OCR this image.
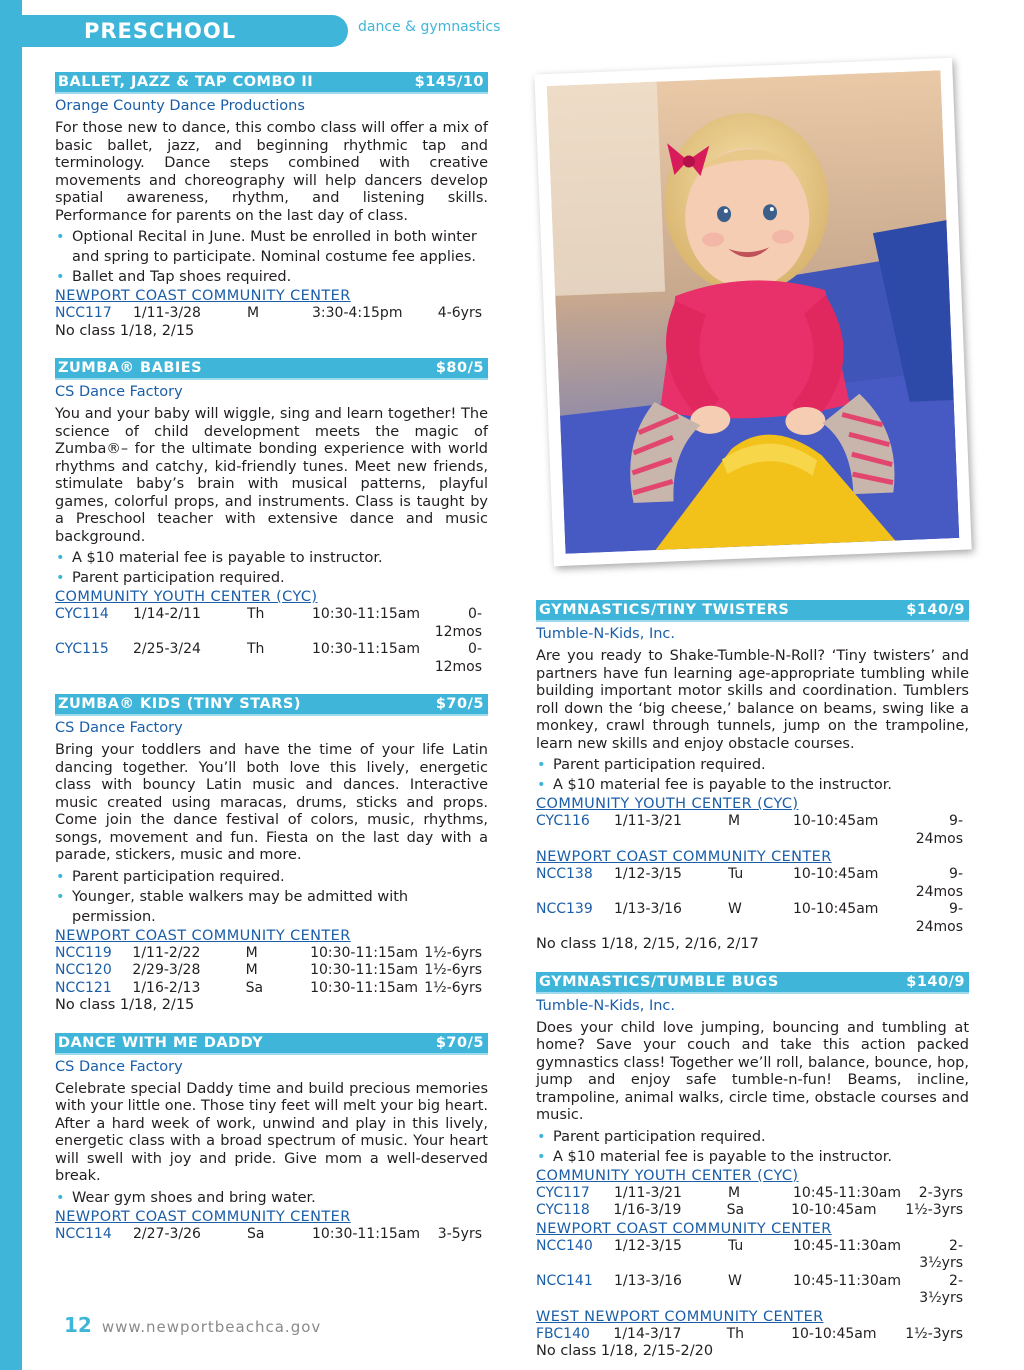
PRESCHOOL	dance & gymnastics
BALLET, JAZZ & TAP COMBO II	$145/10
Orange County Dance Productions
For those new to dance, this combo class will offer a mix of basic ballet, jazz, and beginning rhythmic tap and terminology. Dance steps combined with creative movements and choreography will help dancers develop spatial awareness, rhythm, and listening skills. Performance for parents on the last day of class.
• Optional Recital in June. Must be enrolled in both winter and spring to participate. Nominal costume fee applies.
• Ballet and Tap shoes required.
NEWPORT COAST COMMUNITY CENTER
NCC117	1/11-3/28	M	3:30-4:15pm	4-6yrs
No class 1/18, 2/15
ZUMBA® BABIES	$80/5
CS Dance Factory
You and your baby will wiggle, sing and learn together! The science of child development meets the magic of Zumba®– for the ultimate bonding experience with world rhythms and catchy, kid-friendly tunes. Meet new friends, stimulate baby’s brain with musical patterns, playful games, colorful props, and instruments. Class is taught by a Preschool teacher with extensive dance and music background.
• A $10 material fee is payable to instructor.
• Parent participation required.
COMMUNITY YOUTH CENTER (CYC)
CYC114	1/14-2/11	Th	10:30-11:15am	0-12mos
CYC115	2/25-3/24	Th	10:30-11:15am	0-12mos
ZUMBA® KIDS (TINY STARS)	$70/5
CS Dance Factory
Bring your toddlers and have the time of your life Latin dancing together. You’ll both love this lively, energetic class with bouncy Latin music and dances. Interactive music created using maracas, drums, sticks and props. Come join the dance festival of colors, music, rhythms, songs, movement and fun. Fiesta on the last day with a parade, stickers, music and more.
• Parent participation required.
• Younger, stable walkers may be admitted with permission.
NEWPORT COAST COMMUNITY CENTER
NCC119	1/11-2/22	M	10:30-11:15am 1½-6yrs
NCC120	2/29-3/28	M	10:30-11:15am 1½-6yrs
NCC121	1/16-2/13	Sa	10:30-11:15am 1½-6yrs
No class 1/18, 2/15
DANCE WITH ME DADDY	$70/5
CS Dance Factory
Celebrate special Daddy time and build precious memories with your little one. Those tiny feet will melt your big heart. After a hard week of work, unwind and play in this lively, energetic class with a broad spectrum of music. Your heart will swell with joy and pride. Give mom a well-deserved break.
• Wear gym shoes and bring water.
NEWPORT COAST COMMUNITY CENTER
NCC114	2/27-3/26	Sa	10:30-11:15am	3-5yrs
GYMNASTICS/TINY TWISTERS	$140/9
Tumble-N-Kids, Inc.
Are you ready to Shake-Tumble-N-Roll? ‘Tiny twisters’ and partners have fun learning age-appropriate tumbling while building important motor skills and coordination. Tumblers roll down the ‘big cheese,’ balance on beams, swing like a monkey, crawl through tunnels, jump on the trampoline, learn new skills and enjoy obstacle courses.
• Parent participation required.
• A $10 material fee is payable to the instructor.
COMMUNITY YOUTH CENTER (CYC)
CYC116	1/11-3/21	M	10-10:45am	9-24mos
NEWPORT COAST COMMUNITY CENTER
NCC138	1/12-3/15	Tu	10-10:45am	9-24mos
NCC139	1/13-3/16	W	10-10:45am	9-24mos
No class 1/18, 2/15, 2/16, 2/17
GYMNASTICS/TUMBLE BUGS	$140/9
Tumble-N-Kids, Inc.
Does your child love jumping, bouncing and tumbling at home? Save your couch and take this action packed gymnastics class! Together we’ll roll, balance, bounce, hop, jump and enjoy safe tumble-n-fun! Beams, incline, trampoline, animal walks, circle time, obstacle courses and music.
• Parent participation required.
• A $10 material fee is payable to the instructor.
COMMUNITY YOUTH CENTER (CYC)
CYC117	1/11-3/21	M	10:45-11:30am	2-3yrs
CYC118	1/16-3/19	Sa	10-10:45am	1½-3yrs
NEWPORT COAST COMMUNITY CENTER
NCC140	1/12-3/15	Tu	10:45-11:30am	2-3½yrs
NCC141	1/13-3/16	W	10:45-11:30am	2-3½yrs
WEST NEWPORT COMMUNITY CENTER
FBC140	1/14-3/17	Th	10-10:45am	1½-3yrs
No class 1/18, 2/15-2/20
12 www.newportbeachca.gov
